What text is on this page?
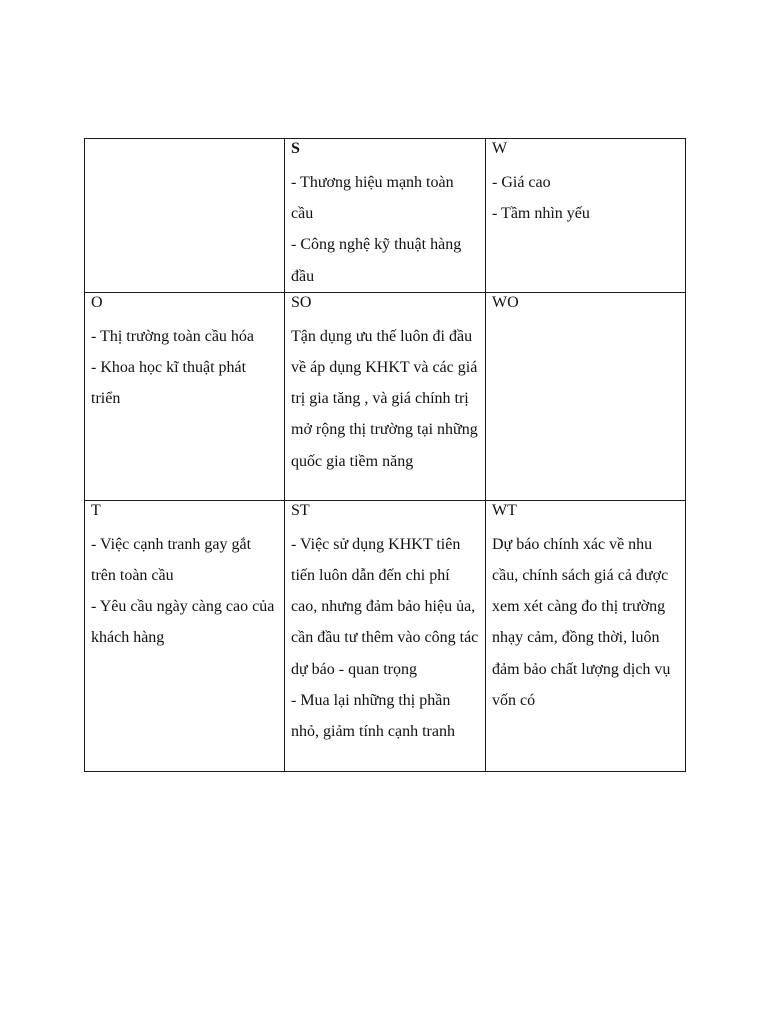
	S
- Thương hiệu mạnh toàn cầu
- Công nghệ kỹ thuật hàng đầu	W
- Giá cao
- Tầm nhìn yếu

O
- Thị trường toàn cầu hóa
- Khoa học kĩ thuật phát triển	SO
Tận dụng ưu thế luôn đi đầu về áp dụng KHKT và các giá trị gia tăng , và giá chính trị mở rộng thị trường tại những quốc gia tiềm năng	WO

T
- Việc cạnh tranh gay gắt trên toàn cầu
- Yêu cầu ngày càng cao của khách hàng	ST
- Việc sử dụng KHKT tiên tiến luôn dẫn đến chi phí cao, nhưng đảm bảo hiệu ủa, cần đầu tư thêm vào công tác dự báo - quan trọng
- Mua lại những thị phần nhỏ, giảm tính cạnh tranh	WT
Dự báo chính xác về nhu cầu, chính sách giá cả được xem xét càng đo thị trường nhạy cảm, đồng thời, luôn đảm bảo chất lượng dịch vụ vốn có
